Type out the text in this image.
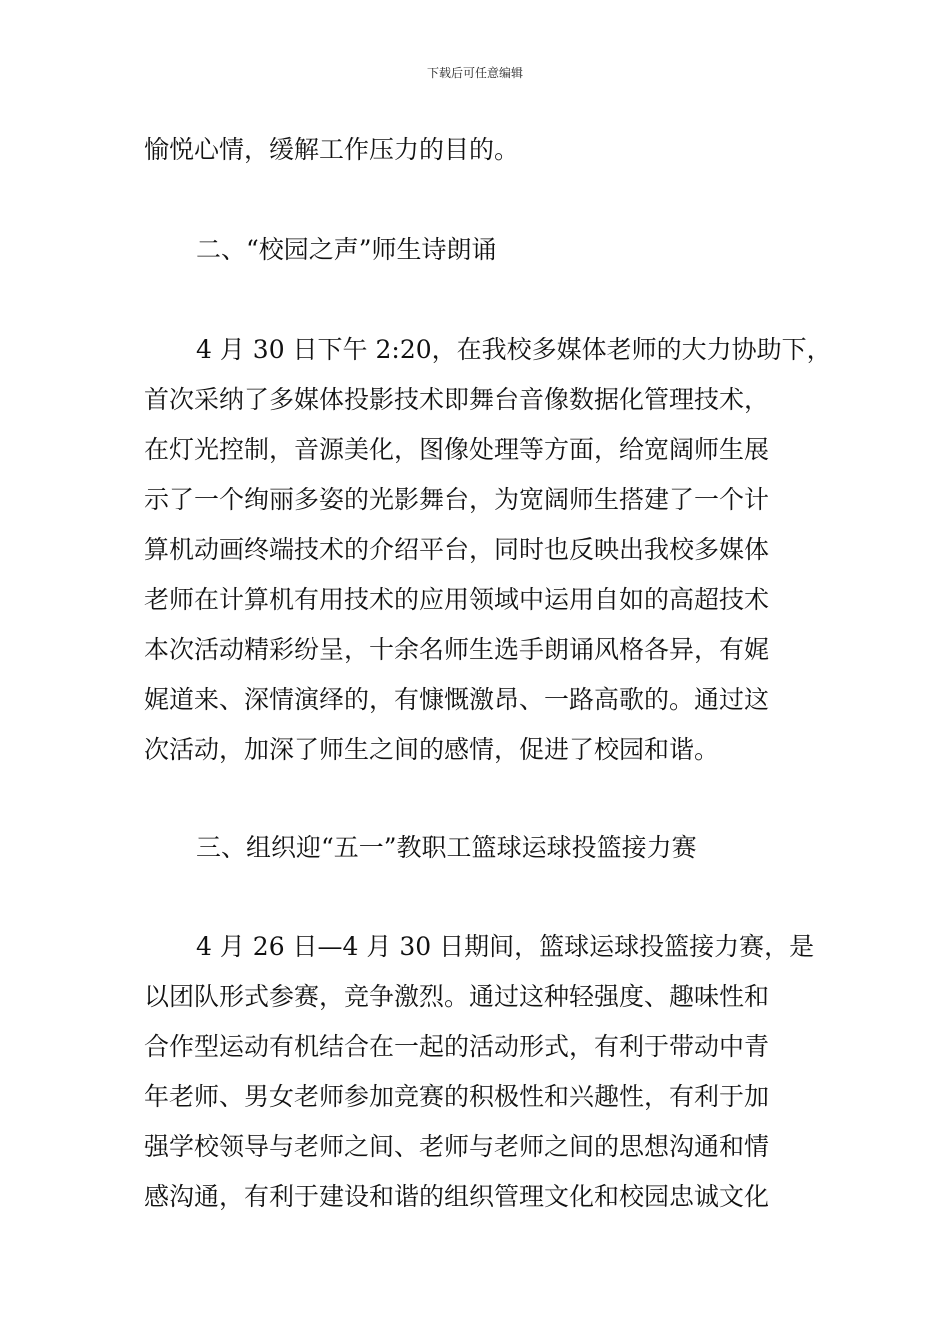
下载后可任意编辑
愉悦心情，缓解工作压力的目的。
二、“校园之声”师生诗朗诵
4 月 30 日下午 2:20，在我校多媒体老师的大力协助下，
首次采纳了多媒体投影技术即舞台音像数据化管理技术，
在灯光控制，音源美化，图像处理等方面，给宽阔师生展
示了一个绚丽多姿的光影舞台，为宽阔师生搭建了一个计
算机动画终端技术的介绍平台，同时也反映出我校多媒体
老师在计算机有用技术的应用领域中运用自如的高超技术
本次活动精彩纷呈，十余名师生选手朗诵风格各异，有娓
娓道来、深情演绎的，有慷慨激昂、一路高歌的。通过这
次活动，加深了师生之间的感情，促进了校园和谐。
三、组织迎“五一”教职工篮球运球投篮接力赛
4 月 26 日—4 月 30 日期间，篮球运球投篮接力赛，是
以团队形式参赛，竞争激烈。通过这种轻强度、趣味性和
合作型运动有机结合在一起的活动形式，有利于带动中青
年老师、男女老师参加竞赛的积极性和兴趣性，有利于加
强学校领导与老师之间、老师与老师之间的思想沟通和情
感沟通，有利于建设和谐的组织管理文化和校园忠诚文化
